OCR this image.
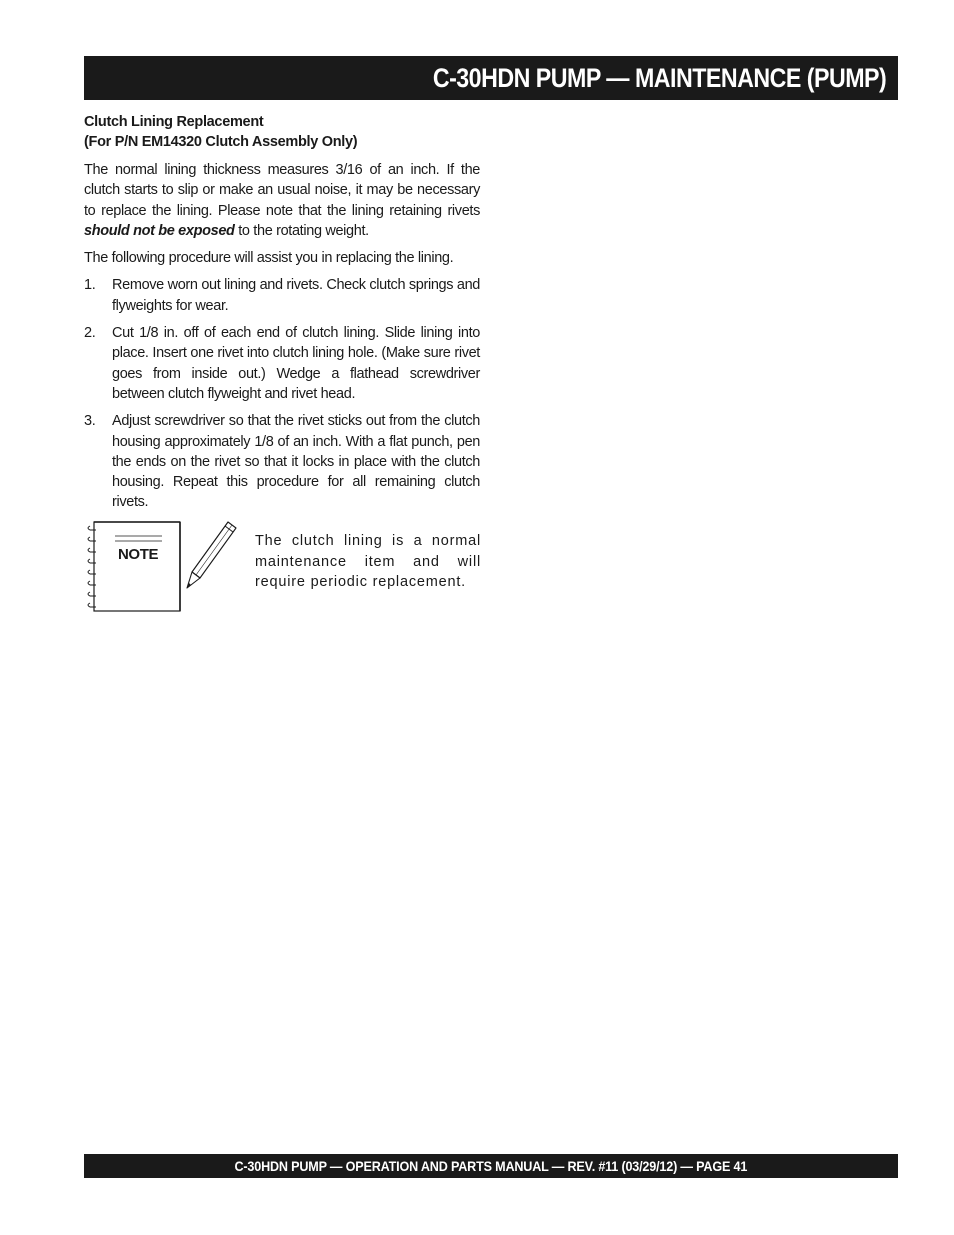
C-30HDN PUMP — MAINTENANCE (PUMP)
Clutch Lining Replacement
(For P/N EM14320 Clutch Assembly Only)

The normal lining thickness measures 3/16 of an inch. If the clutch starts to slip or make an usual noise, it may be necessary to replace the lining. Please note that the lining retaining rivets should not be exposed to the rotating weight.

The following procedure will assist you in replacing the lining.

1. Remove worn out lining and rivets. Check clutch springs and flyweights for wear.
2. Cut 1/8 in. off of each end of clutch lining. Slide lining into place. Insert one rivet into clutch lining hole. (Make sure rivet goes from inside out.) Wedge a flathead screwdriver between clutch flyweight and rivet head.
3. Adjust screwdriver so that the rivet sticks out from the clutch housing approximately 1/8 of an inch. With a flat punch, pen the ends on the rivet so that it locks in place with the clutch housing. Repeat this procedure for all remaining clutch rivets.
NOTE
The clutch lining is a normal maintenance item and will require periodic replacement.
C-30HDN PUMP — OPERATION AND PARTS MANUAL — REV. #11 (03/29/12) — PAGE 41
